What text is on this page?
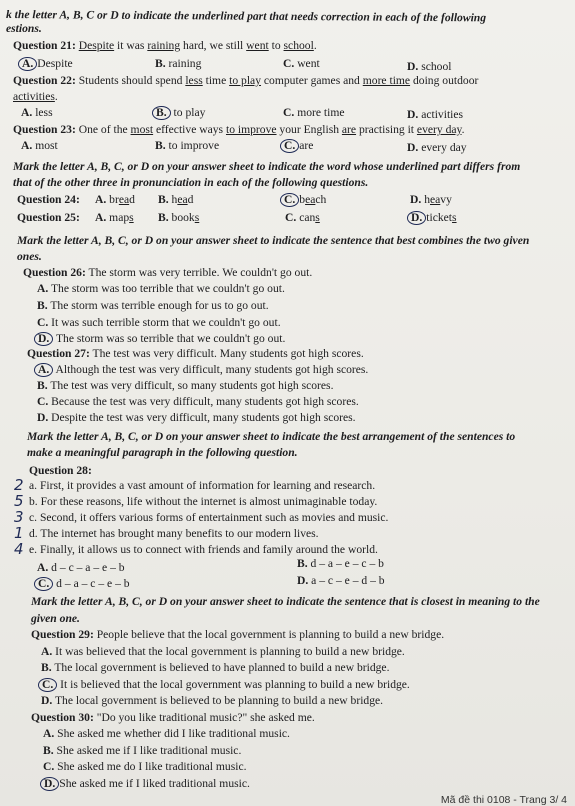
k the letter A, B, C or D to indicate the underlined part that needs correction in each of the following
estions.
Question 21: Despite it was raining hard, we still went to school.
A. Despite	B. raining	C. went	D. school
Question 22: Students should spend less time to play computer games and more time doing outdoor
activities.
A. less	B. to play	C. more time	D. activities
Question 23: One of the most effective ways to improve your English are practising it every day.
A. most	B. to improve	C. are	D. every day
Mark the letter A, B, C, or D on your answer sheet to indicate the word whose underlined part differs from
that of the other three in pronunciation in each of the following questions.
Question 24: A. bread B. head	C. beach	D. heavy
Question 25: A. maps B. books	C. cans	D. tickets
Mark the letter A, B, C, or D on your answer sheet to indicate the sentence that best combines the two given
ones.
Question 26: The storm was very terrible. We couldn't go out.
A. The storm was too terrible that we couldn't go out.
B. The storm was terrible enough for us to go out.
C. It was such terrible storm that we couldn't go out.
D. The storm was so terrible that we couldn't go out.
Question 27: The test was very difficult. Many students got high scores.
A. Although the test was very difficult, many students got high scores.
B. The test was very difficult, so many students got high scores.
C. Because the test was very difficult, many students got high scores.
D. Despite the test was very difficult, many students got high scores.
Mark the letter A, B, C, or D on your answer sheet to indicate the best arrangement of the sentences to
make a meaningful paragraph in the following question.
Question 28:
2 a. First, it provides a vast amount of information for learning and research.
5 b. For these reasons, life without the internet is almost unimaginable today.
3 c. Second, it offers various forms of entertainment such as movies and music.
1 d. The internet has brought many benefits to our modern lives.
4 e. Finally, it allows us to connect with friends and family around the world.
A. d – c – a – e – b	B. d – a – e – c – b
C. d – a – c – e – b	D. a – c – e – d – b
Mark the letter A, B, C, or D on your answer sheet to indicate the sentence that is closest in meaning to the
given one.
Question 29: People believe that the local government is planning to build a new bridge.
A. It was believed that the local government is planning to build a new bridge.
B. The local government is believed to have planned to build a new bridge.
C. It is believed that the local government was planning to build a new bridge.
D. The local government is believed to be planning to build a new bridge.
Question 30: "Do you like traditional music?" she asked me.
A. She asked me whether did I like traditional music.
B. She asked me if I like traditional music.
C. She asked me do I like traditional music.
D. She asked me if I liked traditional music.
Mã đề thi 0108 - Trang 3/ 4
